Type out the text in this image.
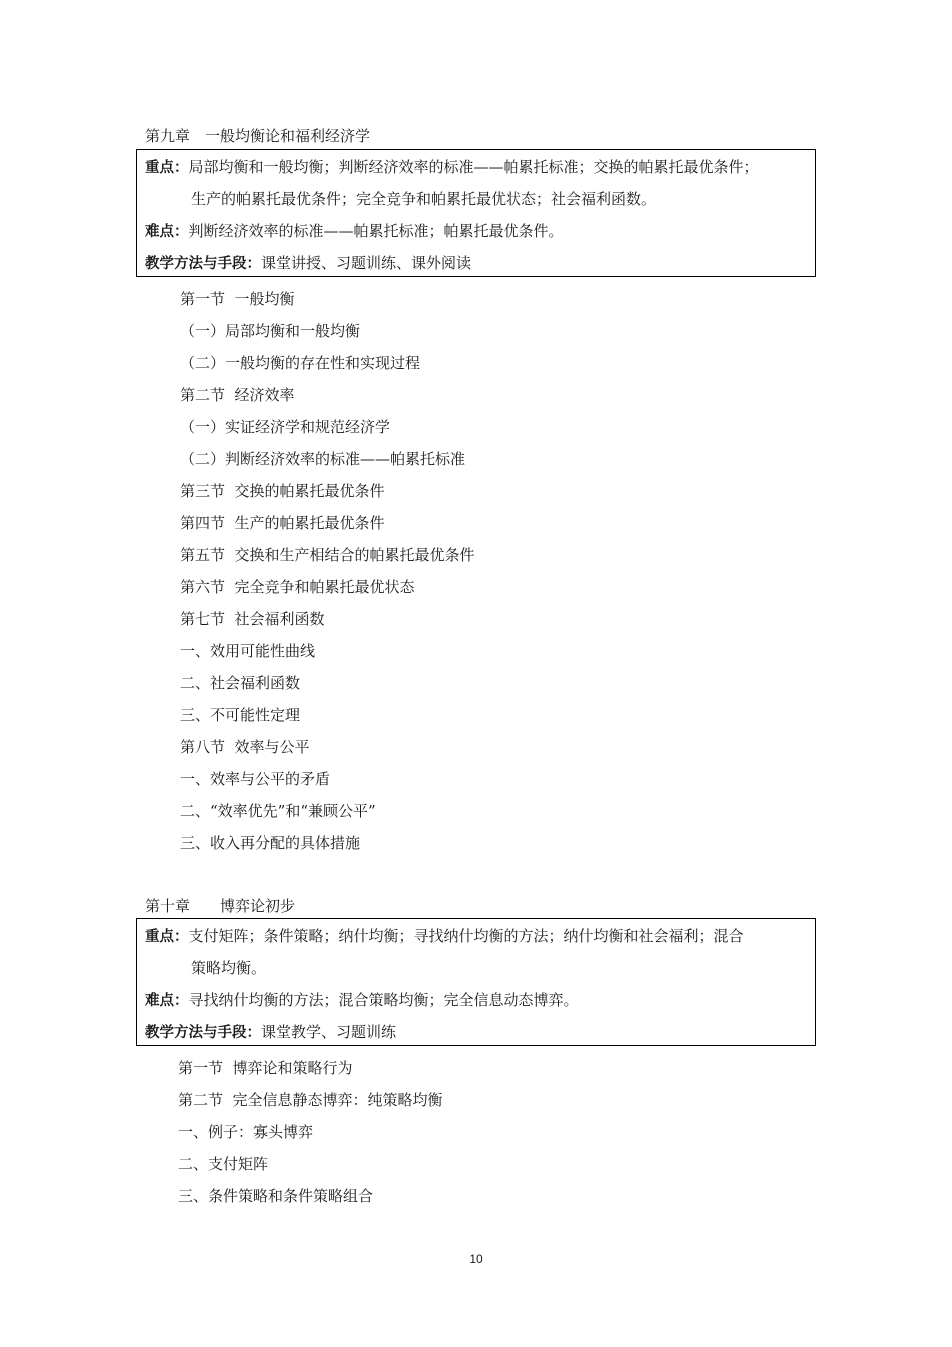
第九章　一般均衡论和福利经济学
重点：局部均衡和一般均衡；判断经济效率的标准——帕累托标准；交换的帕累托最优条件；
生产的帕累托最优条件；完全竞争和帕累托最优状态；社会福利函数。
难点：判断经济效率的标准——帕累托标准；帕累托最优条件。
教学方法与手段：课堂讲授、习题训练、课外阅读
第一节  一般均衡
（一）局部均衡和一般均衡
（二）一般均衡的存在性和实现过程
第二节  经济效率
（一）实证经济学和规范经济学
（二）判断经济效率的标准——帕累托标准
第三节  交换的帕累托最优条件
第四节  生产的帕累托最优条件
第五节  交换和生产相结合的帕累托最优条件
第六节  完全竞争和帕累托最优状态
第七节  社会福利函数
一、效用可能性曲线
二、社会福利函数
三、不可能性定理
第八节  效率与公平
一、效率与公平的矛盾
二、“效率优先”和“兼顾公平”
三、收入再分配的具体措施
第十章　　博弈论初步
重点：支付矩阵；条件策略；纳什均衡；寻找纳什均衡的方法；纳什均衡和社会福利；混合
策略均衡。
难点：寻找纳什均衡的方法；混合策略均衡；完全信息动态博弈。
教学方法与手段：课堂教学、习题训练
第一节  博弈论和策略行为
第二节  完全信息静态博弈：纯策略均衡
一、例子：寡头博弈
二、支付矩阵
三、条件策略和条件策略组合
10
